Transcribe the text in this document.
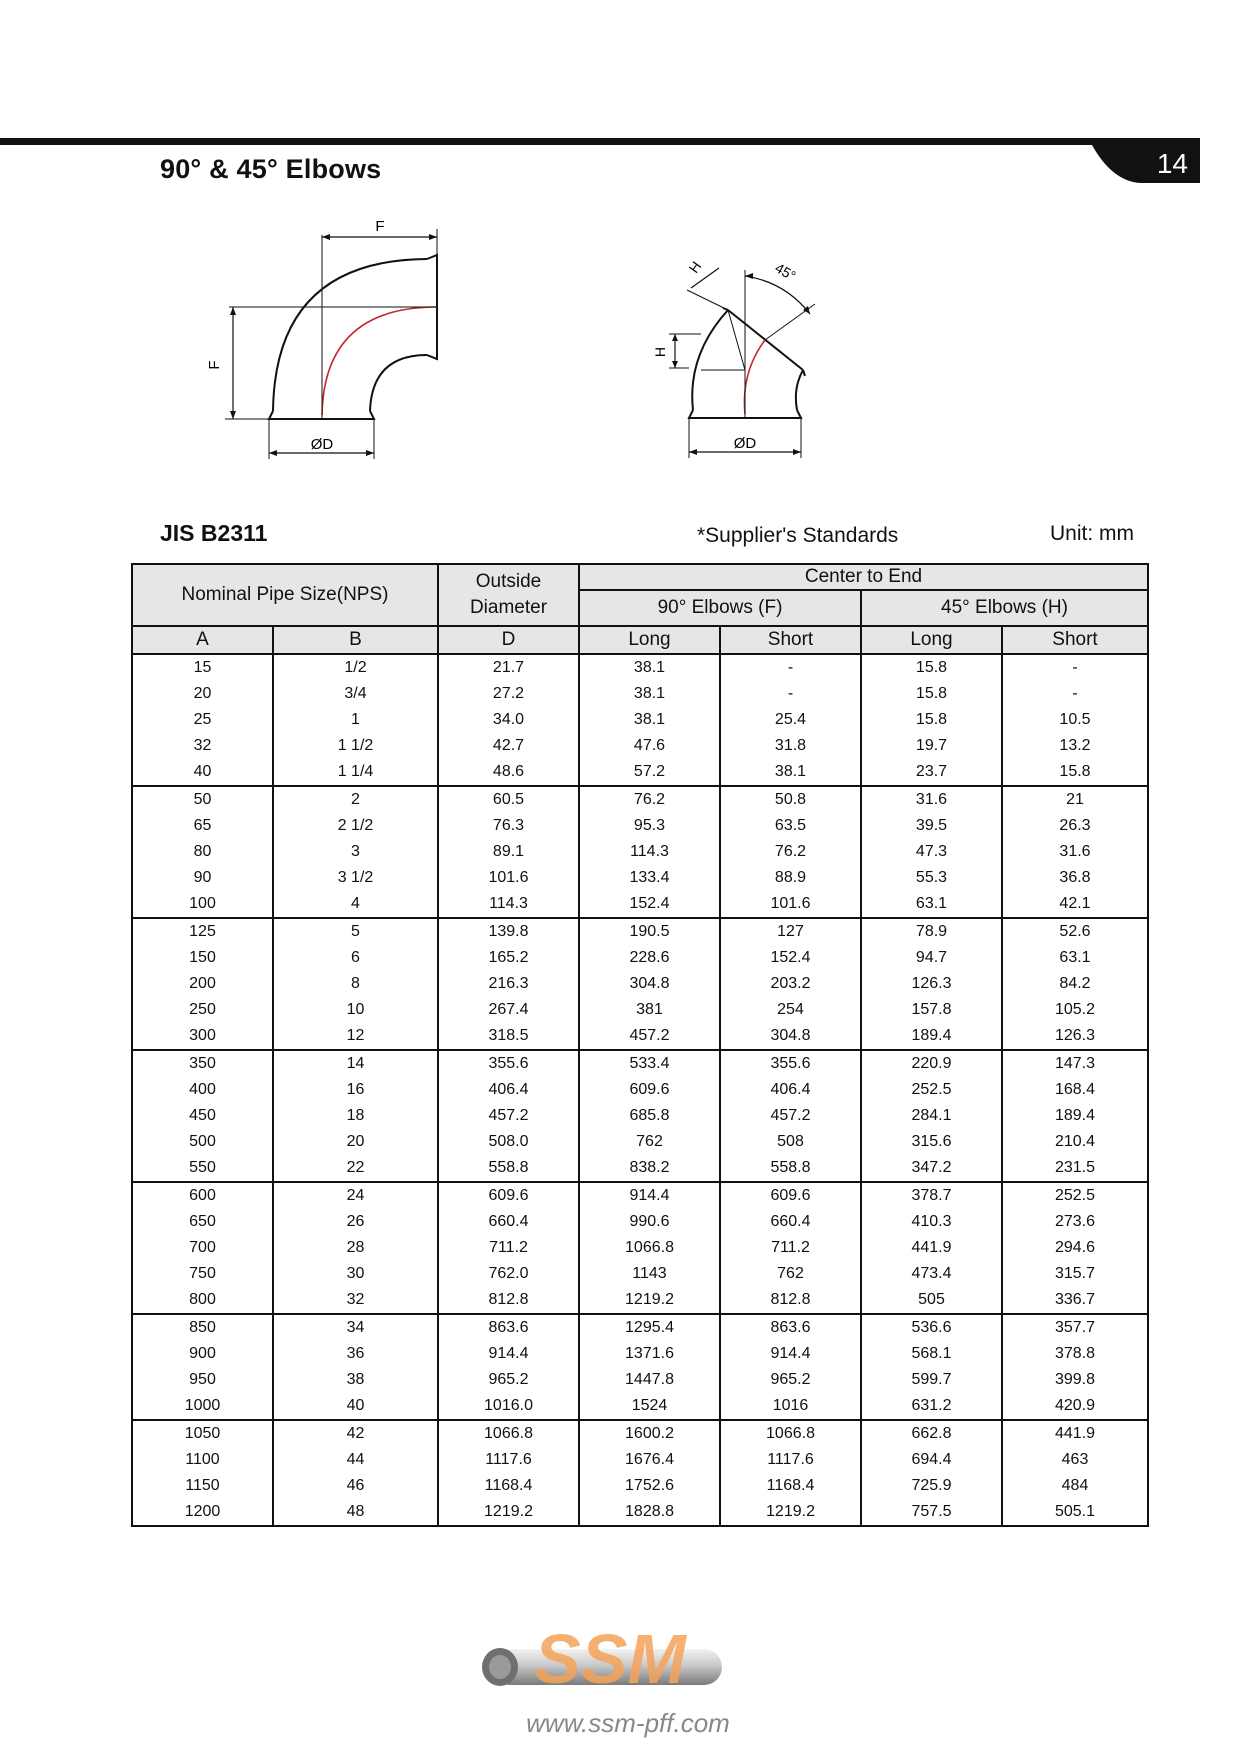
90° & 45° Elbows	14
F
F
ØD
45°
H
H
ØD
JIS B2311	*Supplier's Standards	Unit: mm
Nominal Pipe Size(NPS)		Outside
Diameter	Center to End			
			90° Elbows (F)		45° Elbows (H)	
A	B	D	Long	Short	Long	Short
15	1/2	21.7	38.1	-	15.8	-
20	3/4	27.2	38.1	-	15.8	-
25	1	34.0	38.1	25.4	15.8	10.5
32	1 1/2	42.7	47.6	31.8	19.7	13.2
40	1 1/4	48.6	57.2	38.1	23.7	15.8
50	2	60.5	76.2	50.8	31.6	21
65	2 1/2	76.3	95.3	63.5	39.5	26.3
80	3	89.1	114.3	76.2	47.3	31.6
90	3 1/2	101.6	133.4	88.9	55.3	36.8
100	4	114.3	152.4	101.6	63.1	42.1
125	5	139.8	190.5	127	78.9	52.6
150	6	165.2	228.6	152.4	94.7	63.1
200	8	216.3	304.8	203.2	126.3	84.2
250	10	267.4	381	254	157.8	105.2
300	12	318.5	457.2	304.8	189.4	126.3
350	14	355.6	533.4	355.6	220.9	147.3
400	16	406.4	609.6	406.4	252.5	168.4
450	18	457.2	685.8	457.2	284.1	189.4
500	20	508.0	762	508	315.6	210.4
550	22	558.8	838.2	558.8	347.2	231.5
600	24	609.6	914.4	609.6	378.7	252.5
650	26	660.4	990.6	660.4	410.3	273.6
700	28	711.2	1066.8	711.2	441.9	294.6
750	30	762.0	1143	762	473.4	315.7
800	32	812.8	1219.2	812.8	505	336.7
850	34	863.6	1295.4	863.6	536.6	357.7
900	36	914.4	1371.6	914.4	568.1	378.8
950	38	965.2	1447.8	965.2	599.7	399.8
1000	40	1016.0	1524	1016	631.2	420.9
1050	42	1066.8	1600.2	1066.8	662.8	441.9
1100	44	1117.6	1676.4	1117.6	694.4	463
1150	46	1168.4	1752.6	1168.4	725.9	484
1200	48	1219.2	1828.8	1219.2	757.5	505.1
SSM
www.ssm-pff.com
